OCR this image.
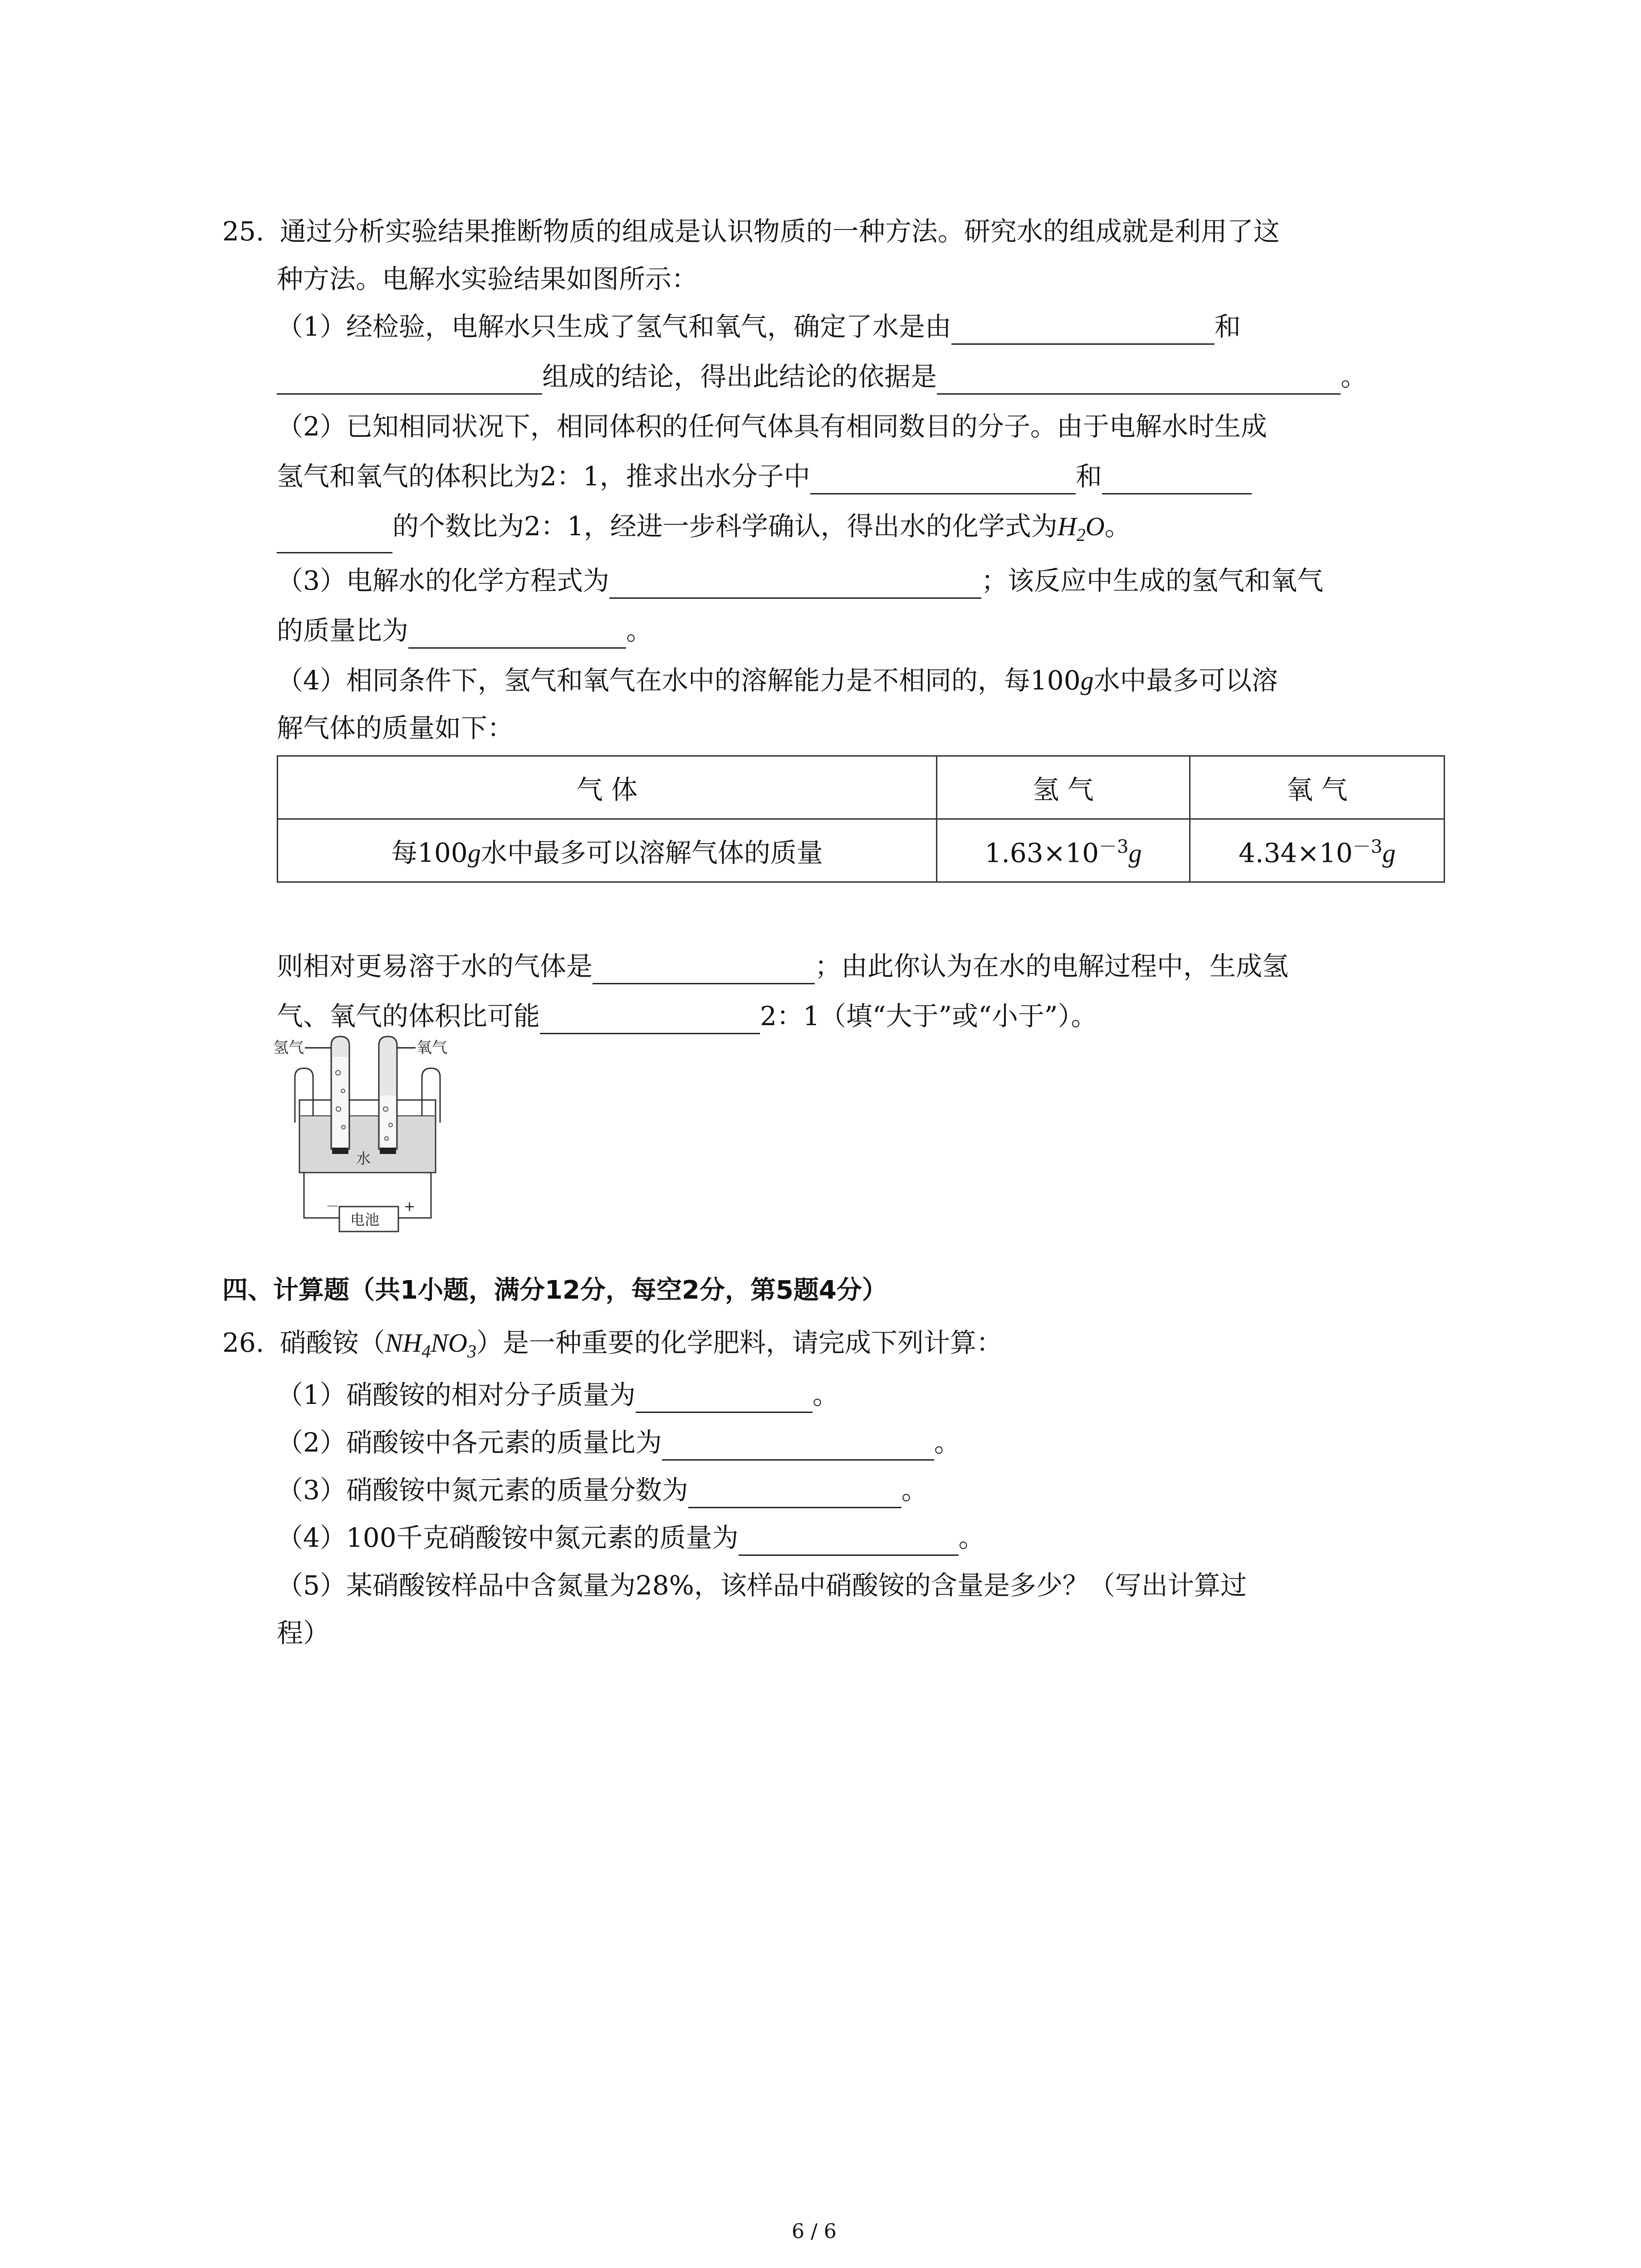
25. 通过分析实验结果推断物质的组成是认识物质的一种方法。研究水的组成就是利用了这
种方法。电解水实验结果如图所示：
（1）经检验，电解水只生成了氢气和氧气，确定了水是由	和
组成的结论，得出此结论的依据是	。
（2）已知相同状况下，相同体积的任何气体具有相同数目的分子。由于电解水时生成
氢气和氧气的体积比为2：1，推求出水分子中	和
的个数比为2：1，经进一步科学确认，得出水的化学式为$H_2O$。
（3）电解水的化学方程式为	；该反应中生成的氢气和氧气
的质量比为	。
（4）相同条件下，氢气和氧气在水中的溶解能力是不相同的，每100g水中最多可以溶
解气体的质量如下：
气 体	氢 气	氧 气
每100g水中最多可以溶解气体的质量	$1.63\times 10^{-3}g$	$4.34\times 10^{-3}g$
则相对更易溶于水的气体是	；由此你认为在水的电解过程中，生成氢
气、氧气的体积比可能	2：1（填“大于”或“小于”）。
氢气	氧气
水
电池
－	+
四、计算题（共1小题，满分12分，每空2分，第5题4分）
26. 硝酸铵$(NH_4NO_3)$是一种重要的化学肥料，请完成下列计算：
（1）硝酸铵的相对分子质量为	。
（2）硝酸铵中各元素的质量比为	。
（3）硝酸铵中氮元素的质量分数为	。
（4）100千克硝酸铵中氮元素的质量为	。
（5）某硝酸铵样品中含氮量为28%，该样品中硝酸铵的含量是多少？（写出计算过
程）
6 / 6
